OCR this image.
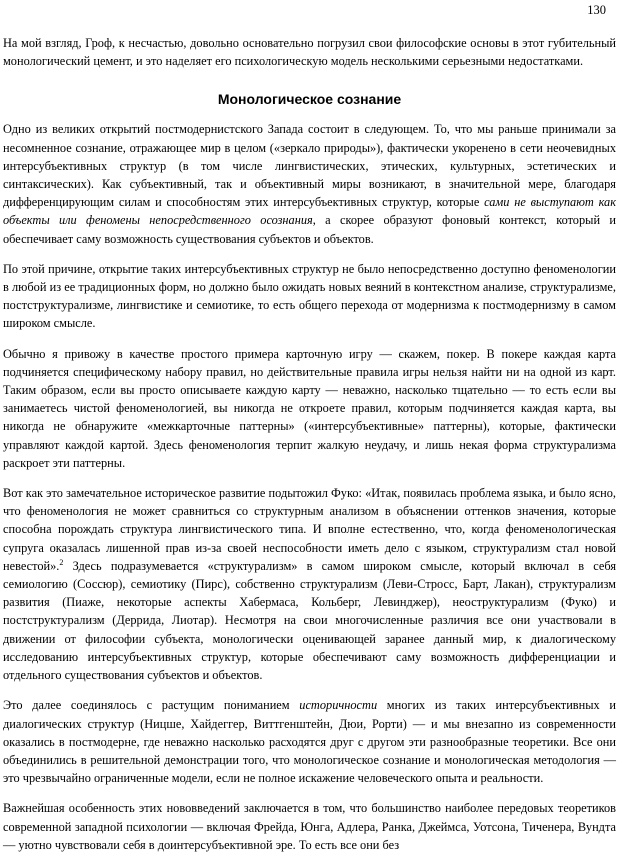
130

На мой взгляд, Гроф, к несчастью, довольно основательно погрузил свои философские основы в этот губительный монологический цемент, и это наделяет его психологическую модель несколькими серьезными недостатками.

Монологическое сознание

Одно из великих открытий постмодернистского Запада состоит в следующем. То, что мы раньше принимали за несомненное сознание, отражающее мир в целом («зеркало природы»), фактически укоренено в сети неочевидных интерсубъективных структур (в том числе лингвистических, этических, культурных, эстетических и синтаксических). Как субъективный, так и объективный миры возникают, в значительной мере, благодаря дифференцирующим силам и способностям этих интерсубъективных структур, которые сами не выступают как объекты или феномены непосредственного осознания, а скорее образуют фоновый контекст, который и обеспечивает саму возможность существования субъектов и объектов.

По этой причине, открытие таких интерсубъективных структур не было непосредственно доступно феноменологии в любой из ее традиционных форм, но должно было ожидать новых веяний в контекстном анализе, структурализме, постструктурализме, лингвистике и семиотике, то есть общего перехода от модернизма к постмодернизму в самом широком смысле.

Обычно я привожу в качестве простого примера карточную игру — скажем, покер. В покере каждая карта подчиняется специфическому набору правил, но действительные правила игры нельзя найти ни на одной из карт. Таким образом, если вы просто описываете каждую карту — неважно, насколько тщательно — то есть если вы занимаетесь чистой феноменологией, вы никогда не откроете правил, которым подчиняется каждая карта, вы никогда не обнаружите «межкарточные паттерны» («интерсубъективные» паттерны), которые, фактически управляют каждой картой. Здесь феноменология терпит жалкую неудачу, и лишь некая форма структурализма раскроет эти паттерны.

Вот как это замечательное историческое развитие подытожил Фуко: «Итак, появилась проблема языка, и было ясно, что феноменология не может сравниться со структурным анализом в объяснении оттенков значения, которые способна порождать структура лингвистического типа. И вполне естественно, что, когда феноменологическая супруга оказалась лишенной прав из-за своей неспособности иметь дело с языком, структурализм стал новой невестой».$^2$ Здесь подразумевается «структурализм» в самом широком смысле, который включал в себя семиологию (Соссюр), семиотику (Пирс), собственно структурализм (Леви-Стросс, Барт, Лакан), структурализм развития (Пиаже, некоторые аспекты Хабермаса, Кольберг, Левинджер), неоструктурализм (Фуко) и постструктурализм (Деррида, Лиотар). Несмотря на свои многочисленные различия все они участвовали в движении от философии субъекта, монологически оценивающей заранее данный мир, к диалогическому исследованию интерсубъективных структур, которые обеспечивают саму возможность дифференциации и отдельного существования субъектов и объектов.

Это далее соединялось с растущим пониманием историчности многих из таких интерсубъективных и диалогических структур (Ницше, Хайдеггер, Виттгенштейн, Дюи, Рорти) — и мы внезапно из современности оказались в постмодерне, где неважно насколько расходятся друг с другом эти разнообразные теоретики. Все они объединились в решительной демонстрации того, что монологическое сознание и монологическая методология — это чрезвычайно ограниченные модели, если не полное искажение человеческого опыта и реальности.

Важнейшая особенность этих нововведений заключается в том, что большинство наиболее передовых теоретиков современной западной психологии — включая Фрейда, Юнга, Адлера, Ранка, Джеймса, Уотсона, Тиченера, Вундта — уютно чувствовали себя в доинтерсубъективной эре. То есть все они без
